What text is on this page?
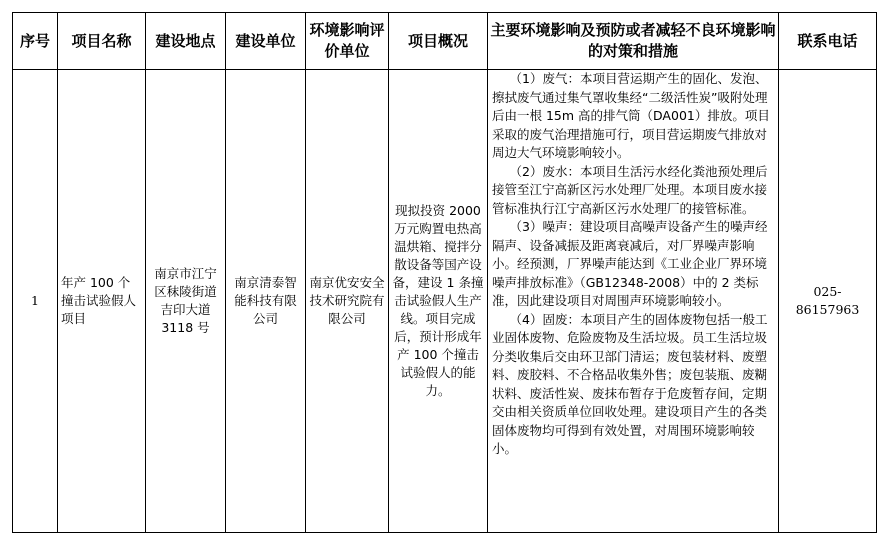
序号	项目名称	建设地点	建设单位	环境影响评价单位	项目概况	主要环境影响及预防或者减轻不良环境影响的对策和措施	联系电话
1	年产 100 个撞击试验假人项目	南京市江宁区秣陵街道吉印大道 3118 号	南京清泰智能科技有限公司	南京优安安全技术研究院有限公司	现拟投资 2000 万元购置电热高温烘箱、搅拌分散设备等国产设备，建设 1 条撞击试验假人生产线。项目完成后，预计形成年产 100 个撞击试验假人的能力。	（1）废气：本项目营运期产生的固化、发泡、擦拭废气通过集气罩收集经“二级活性炭”吸附处理后由一根 15m 高的排气筒（DA001）排放。项目采取的废气治理措施可行，项目营运期废气排放对周边大气环境影响较小。
（2）废水：本项目生活污水经化粪池预处理后接管至江宁高新区污水处理厂处理。本项目废水接管标准执行江宁高新区污水处理厂的接管标准。
（3）噪声：建设项目高噪声设备产生的噪声经隔声、设备减振及距离衰减后，对厂界噪声影响小。经预测，厂界噪声能达到《工业企业厂界环境噪声排放标准》（GB12348-2008）中的 2 类标准，因此建设项目对周围声环境影响较小。
（4）固废：本项目产生的固体废物包括一般工业固体废物、危险废物及生活垃圾。员工生活垃圾分类收集后交由环卫部门清运；废包装材料、废塑料、废胶料、不合格品收集外售；废包装瓶、废糊状料、废活性炭、废抹布暂存于危废暂存间，定期交由相关资质单位回收处理。建设项目产生的各类固体废物均可得到有效处置，对周围环境影响较小。	025-86157963
